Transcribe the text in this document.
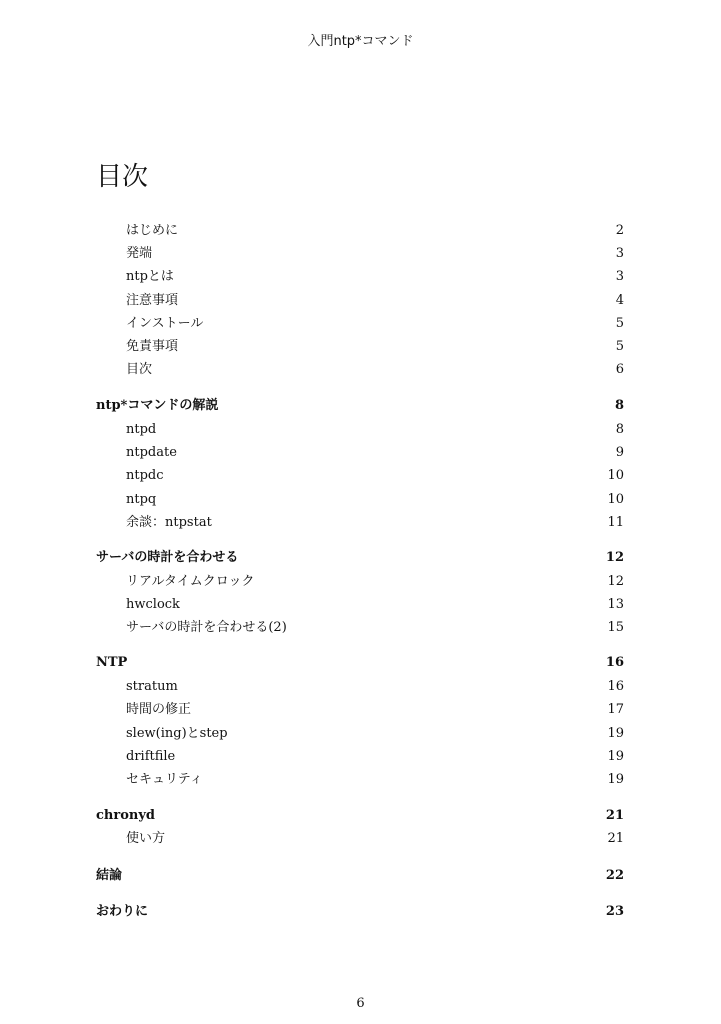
入門ntp*コマンド
目次
はじめに	2
発端	3
ntpとは	3
注意事項	4
インストール	5
免責事項	5
目次	6
ntp*コマンドの解説	8
ntpd	8
ntpdate	9
ntpdc	10
ntpq	10
余談：ntpstat	11
サーバの時計を合わせる	12
リアルタイムクロック	12
hwclock	13
サーバの時計を合わせる(2)	15
NTP	16
stratum	16
時間の修正	17
slew(ing)とstep	19
driftfile	19
セキュリティ	19
chronyd	21
使い方	21
結論	22
おわりに	23
6
